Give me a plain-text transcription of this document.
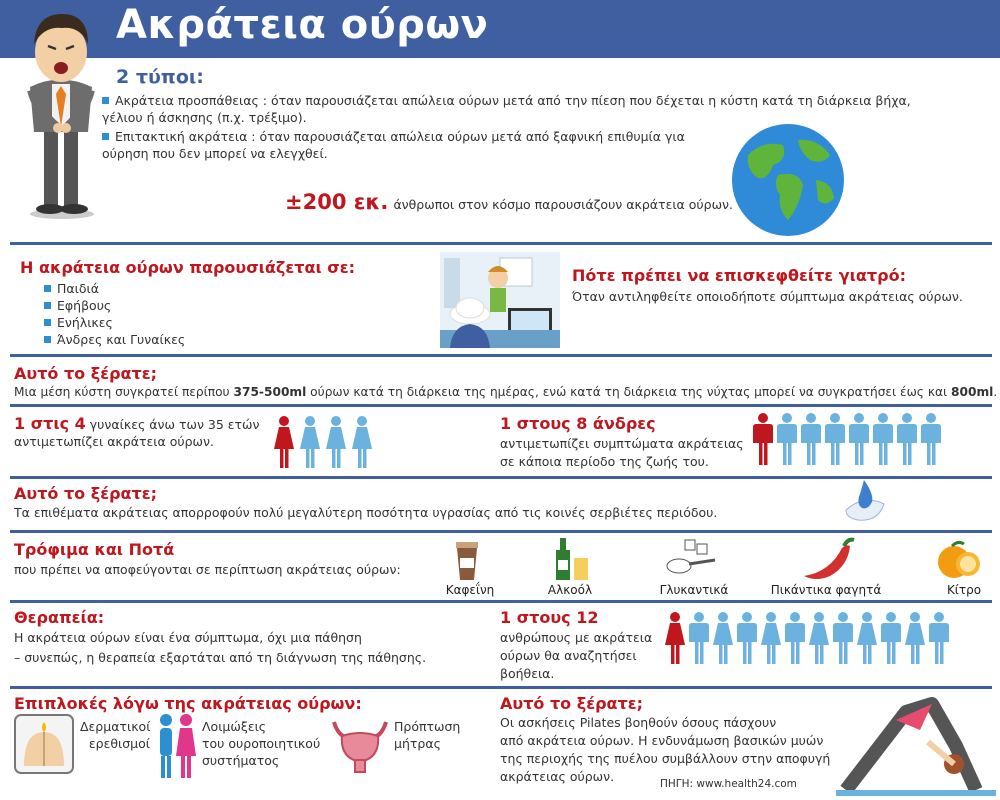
Ακράτεια ούρων
2 τύποι:
Ακράτεια προσπάθειας : όταν παρουσιάζεται απώλεια ούρων μετά από την πίεση που δέχεται η κύστη κατά τη διάρκεια βήχα, γέλιου ή άσκησης (π.χ. τρέξιμο).
Επιτακτική ακράτεια : όταν παρουσιάζεται απώλεια ούρων μετά από ξαφνική επιθυμία για ούρηση που δεν μπορεί να ελεγχθεί.
±200 εκ. άνθρωποι στον κόσμο παρουσιάζουν ακράτεια ούρων.
Η ακράτεια ούρων παρουσιάζεται σε:
Παιδιά
Εφήβους
Ενήλικες
Άνδρες και Γυναίκες
Πότε πρέπει να επισκεφθείτε γιατρό:
Όταν αντιληφθείτε οποιοδήποτε σύμπτωμα ακράτειας ούρων.
Αυτό το ξέρατε;
Μια μέση κύστη συγκρατεί περίπου 375-500ml ούρων κατά τη διάρκεια της ημέρας, ενώ κατά τη διάρκεια της νύχτας μπορεί να συγκρατήσει έως και 800ml.
1 στις 4 γυναίκες άνω των 35 ετών
αντιμετωπίζει ακράτεια ούρων.
1 στους 8 άνδρες
αντιμετωπίζει συμπτώματα ακράτειας
σε κάποια περίοδο της ζωής του.
Αυτό το ξέρατε;
Τα επιθέματα ακράτειας απορροφούν πολύ μεγαλύτερη ποσότητα υγρασίας από τις κοινές σερβιέτες περιόδου.
Τρόφιμα και Ποτά
που πρέπει να αποφεύγονται σε περίπτωση ακράτειας ούρων:
Καφεΐνη	Αλκοόλ	Γλυκαντικά	Πικάντικα φαγητά	Κίτρο
Θεραπεία:
Η ακράτεια ούρων είναι ένα σύμπτωμα, όχι μια πάθηση
– συνεπώς, η θεραπεία εξαρτάται από τη διάγνωση της πάθησης.
1 στους 12
ανθρώπους με ακράτεια
ούρων θα αναζητήσει
βοήθεια.
Επιπλοκές λόγω της ακράτειας ούρων:
Δερματικοί
ερεθισμοί
Λοιμώξεις
του ουροποιητικού
συστήματος
Πρόπτωση
μήτρας
Αυτό το ξέρατε;
Οι ασκήσεις Pilates βοηθούν όσους πάσχουν
από ακράτεια ούρων. Η ενδυνάμωση βασικών μυών
της περιοχής της πυέλου συμβάλλουν στην αποφυγή
ακράτειας ούρων.	ΠΗΓΗ: www.health24.com
